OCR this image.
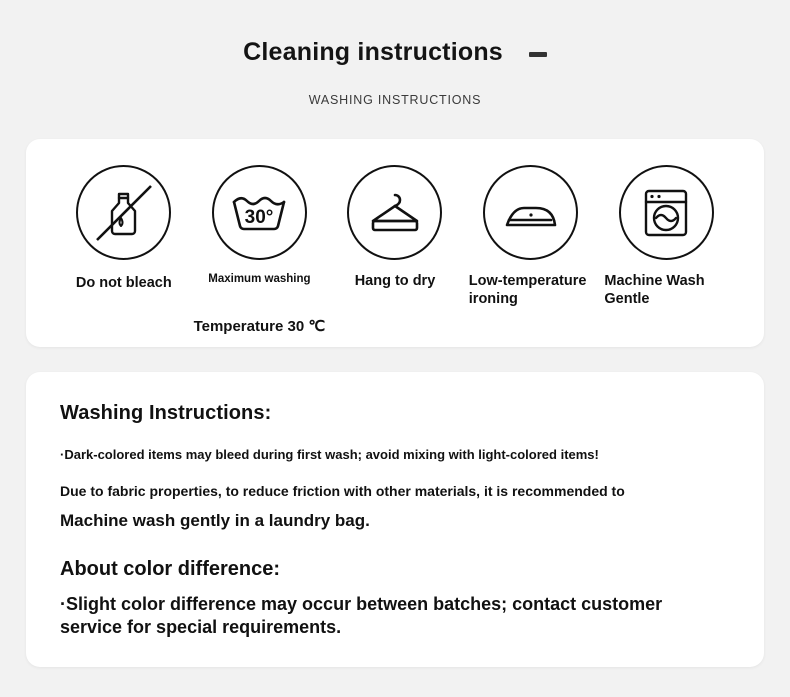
Cleaning instructions
WASHING INSTRUCTIONS
Do not bleach
30°
Maximum washing
Temperature 30 ℃
Hang to dry	Low-temperature ironing
Machine Wash Gentle
Washing Instructions:
·Dark-colored items may bleed during first wash; avoid mixing with light-colored items!
Due to fabric properties, to reduce friction with other materials, it is recommended to
Machine wash gently in a laundry bag.
About color difference:
·Slight color difference may occur between batches; contact customer service for special requirements.
